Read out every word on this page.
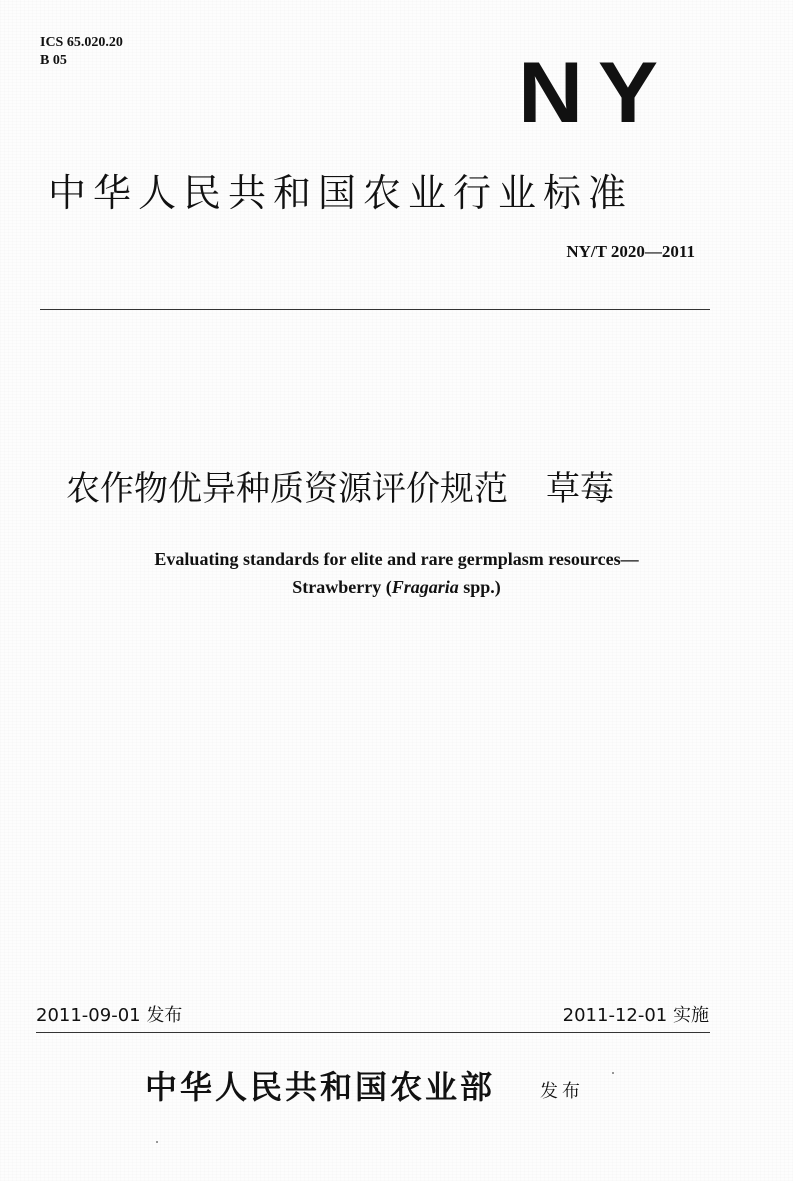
ICS 65.020.20
B 05	NY
中华人民共和国农业行业标准
NY/T 2020—2011
农作物优异种质资源评价规范 草莓
Evaluating standards for elite and rare germplasm resources—
Strawberry (Fragaria spp.)
2011-09-01 发布	2011-12-01 实施
中华人民共和国农业部 发布
